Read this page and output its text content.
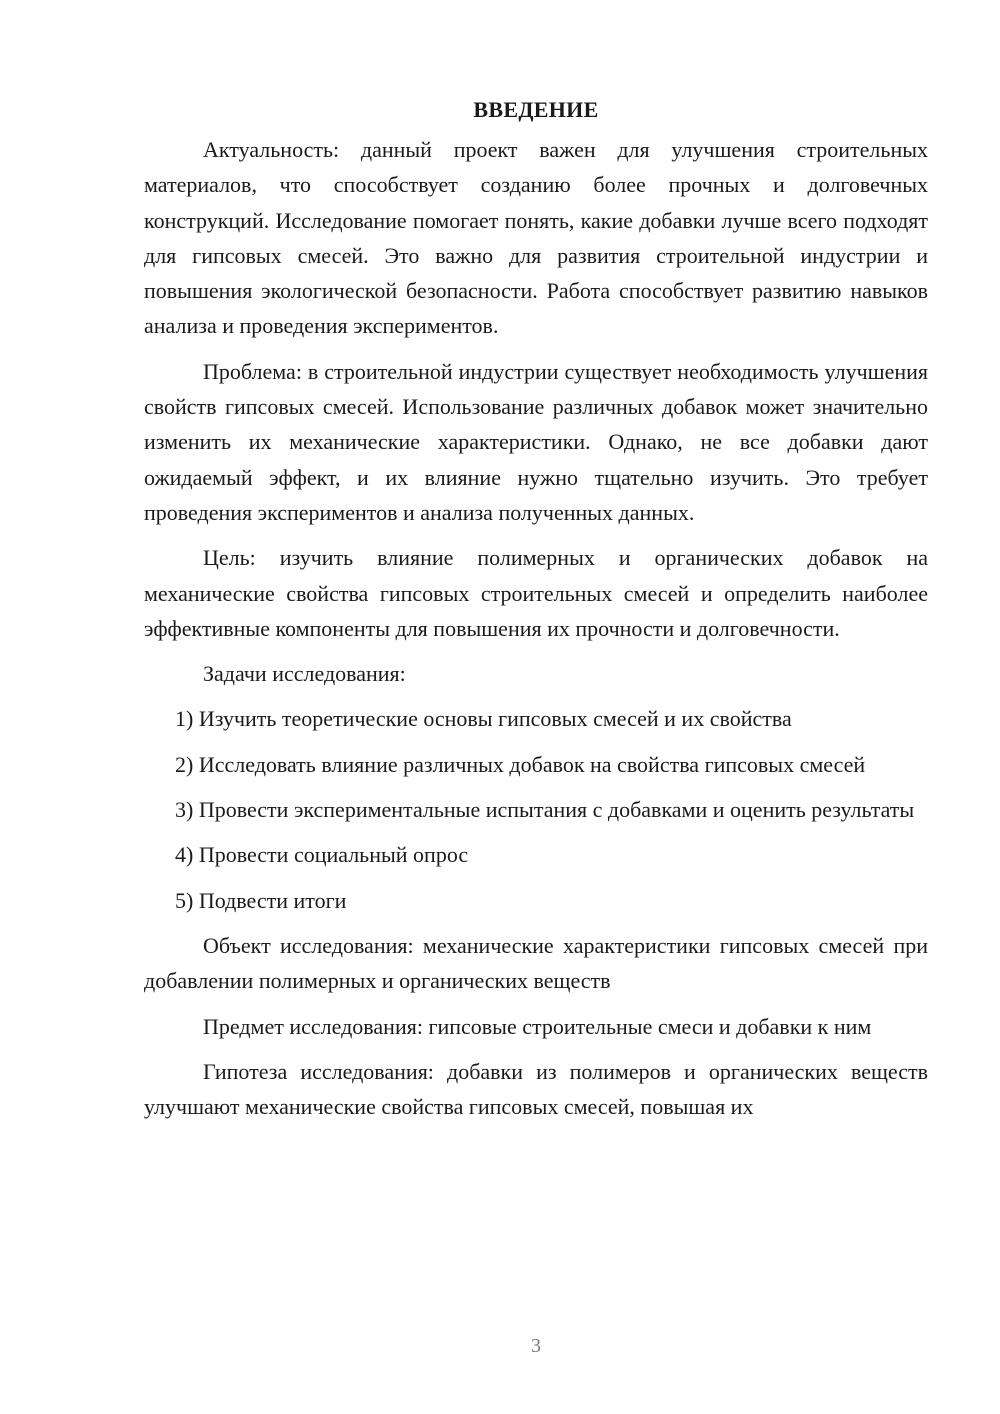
ВВЕДЕНИЕ

Актуальность: данный проект важен для улучшения строительных материалов, что способствует созданию более прочных и долговечных конструкций. Исследование помогает понять, какие добавки лучше всего подходят для гипсовых смесей. Это важно для развития строительной индустрии и повышения экологической безопасности. Работа способствует развитию навыков анализа и проведения экспериментов.

Проблема: в строительной индустрии существует необходимость улучшения свойств гипсовых смесей. Использование различных добавок может значительно изменить их механические характеристики. Однако, не все добавки дают ожидаемый эффект, и их влияние нужно тщательно изучить. Это требует проведения экспериментов и анализа полученных данных.

Цель: изучить влияние полимерных и органических добавок на механические свойства гипсовых строительных смесей и определить наиболее эффективные компоненты для повышения их прочности и долговечности.

Задачи исследования:

1) Изучить теоретические основы гипсовых смесей и их свойства

2) Исследовать влияние различных добавок на свойства гипсовых смесей

3) Провести экспериментальные испытания с добавками и оценить результаты

4) Провести социальный опрос

5) Подвести итоги

Объект исследования: механические характеристики гипсовых смесей при добавлении полимерных и органических веществ

Предмет исследования: гипсовые строительные смеси и добавки к ним

Гипотеза исследования: добавки из полимеров и органических веществ улучшают механические свойства гипсовых смесей, повышая их

3
